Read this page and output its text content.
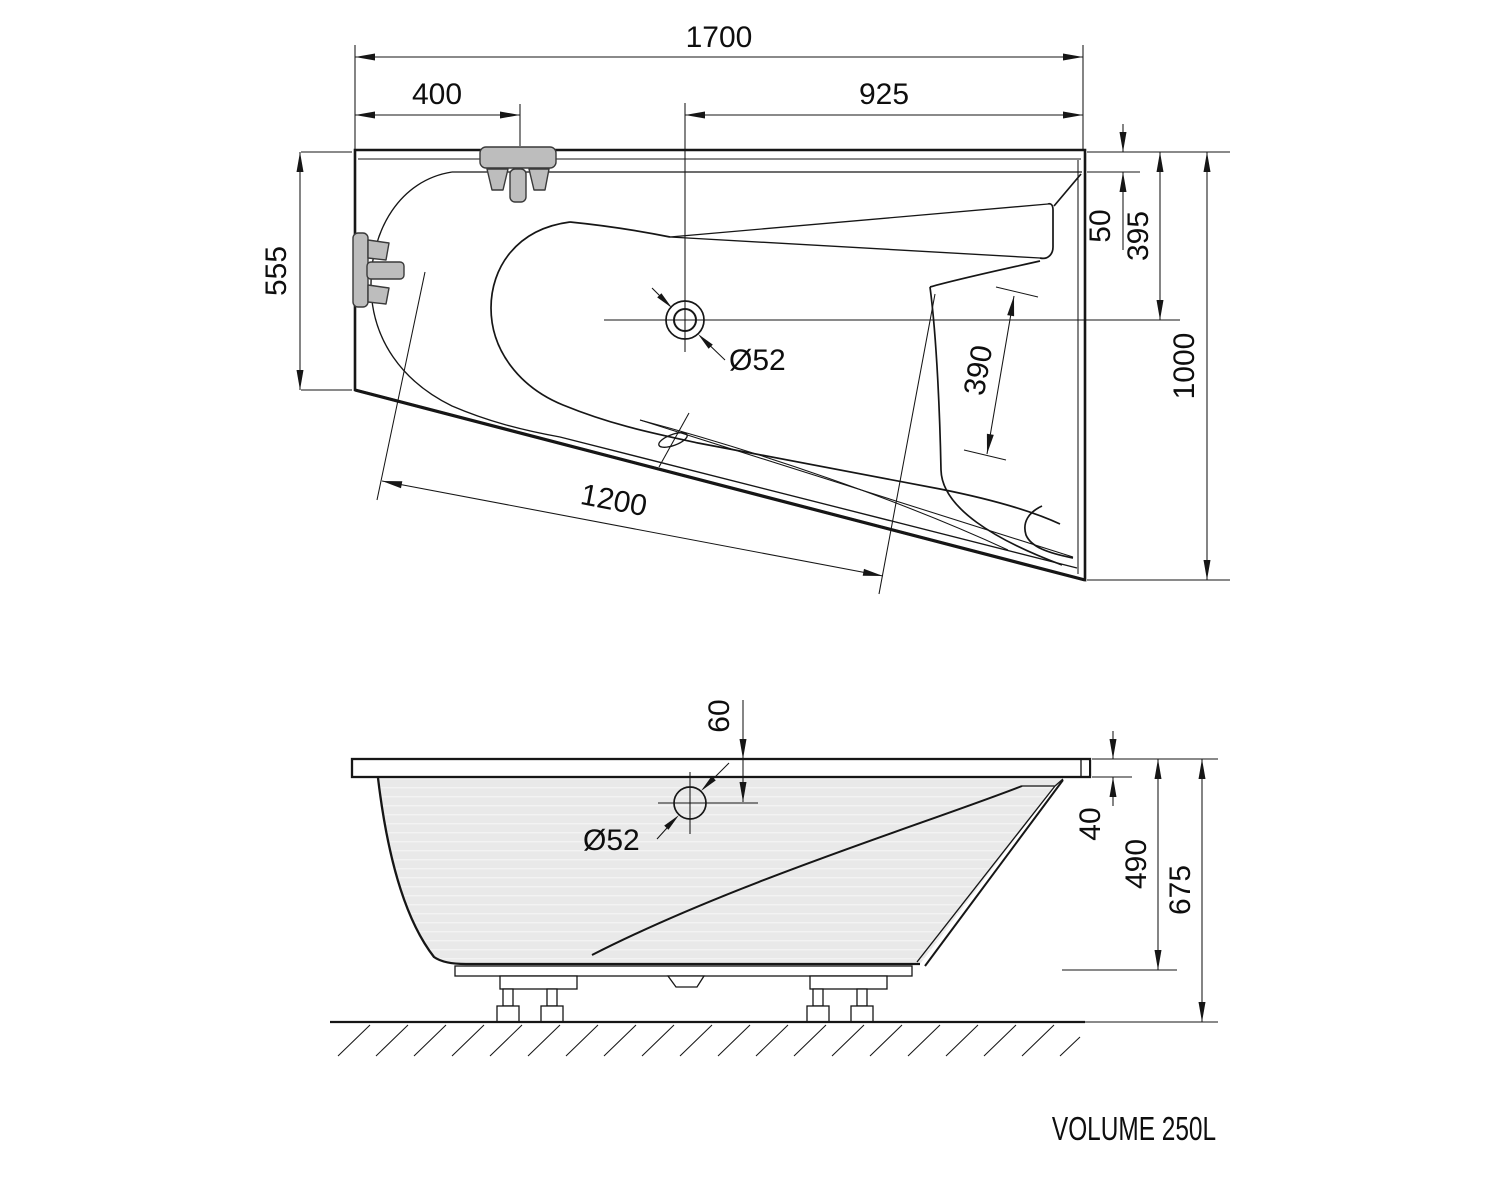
1700
400	925
555
50 395
1000
390
1200
Ø52
60
40
490
675
Ø52
VOLUME 250L
